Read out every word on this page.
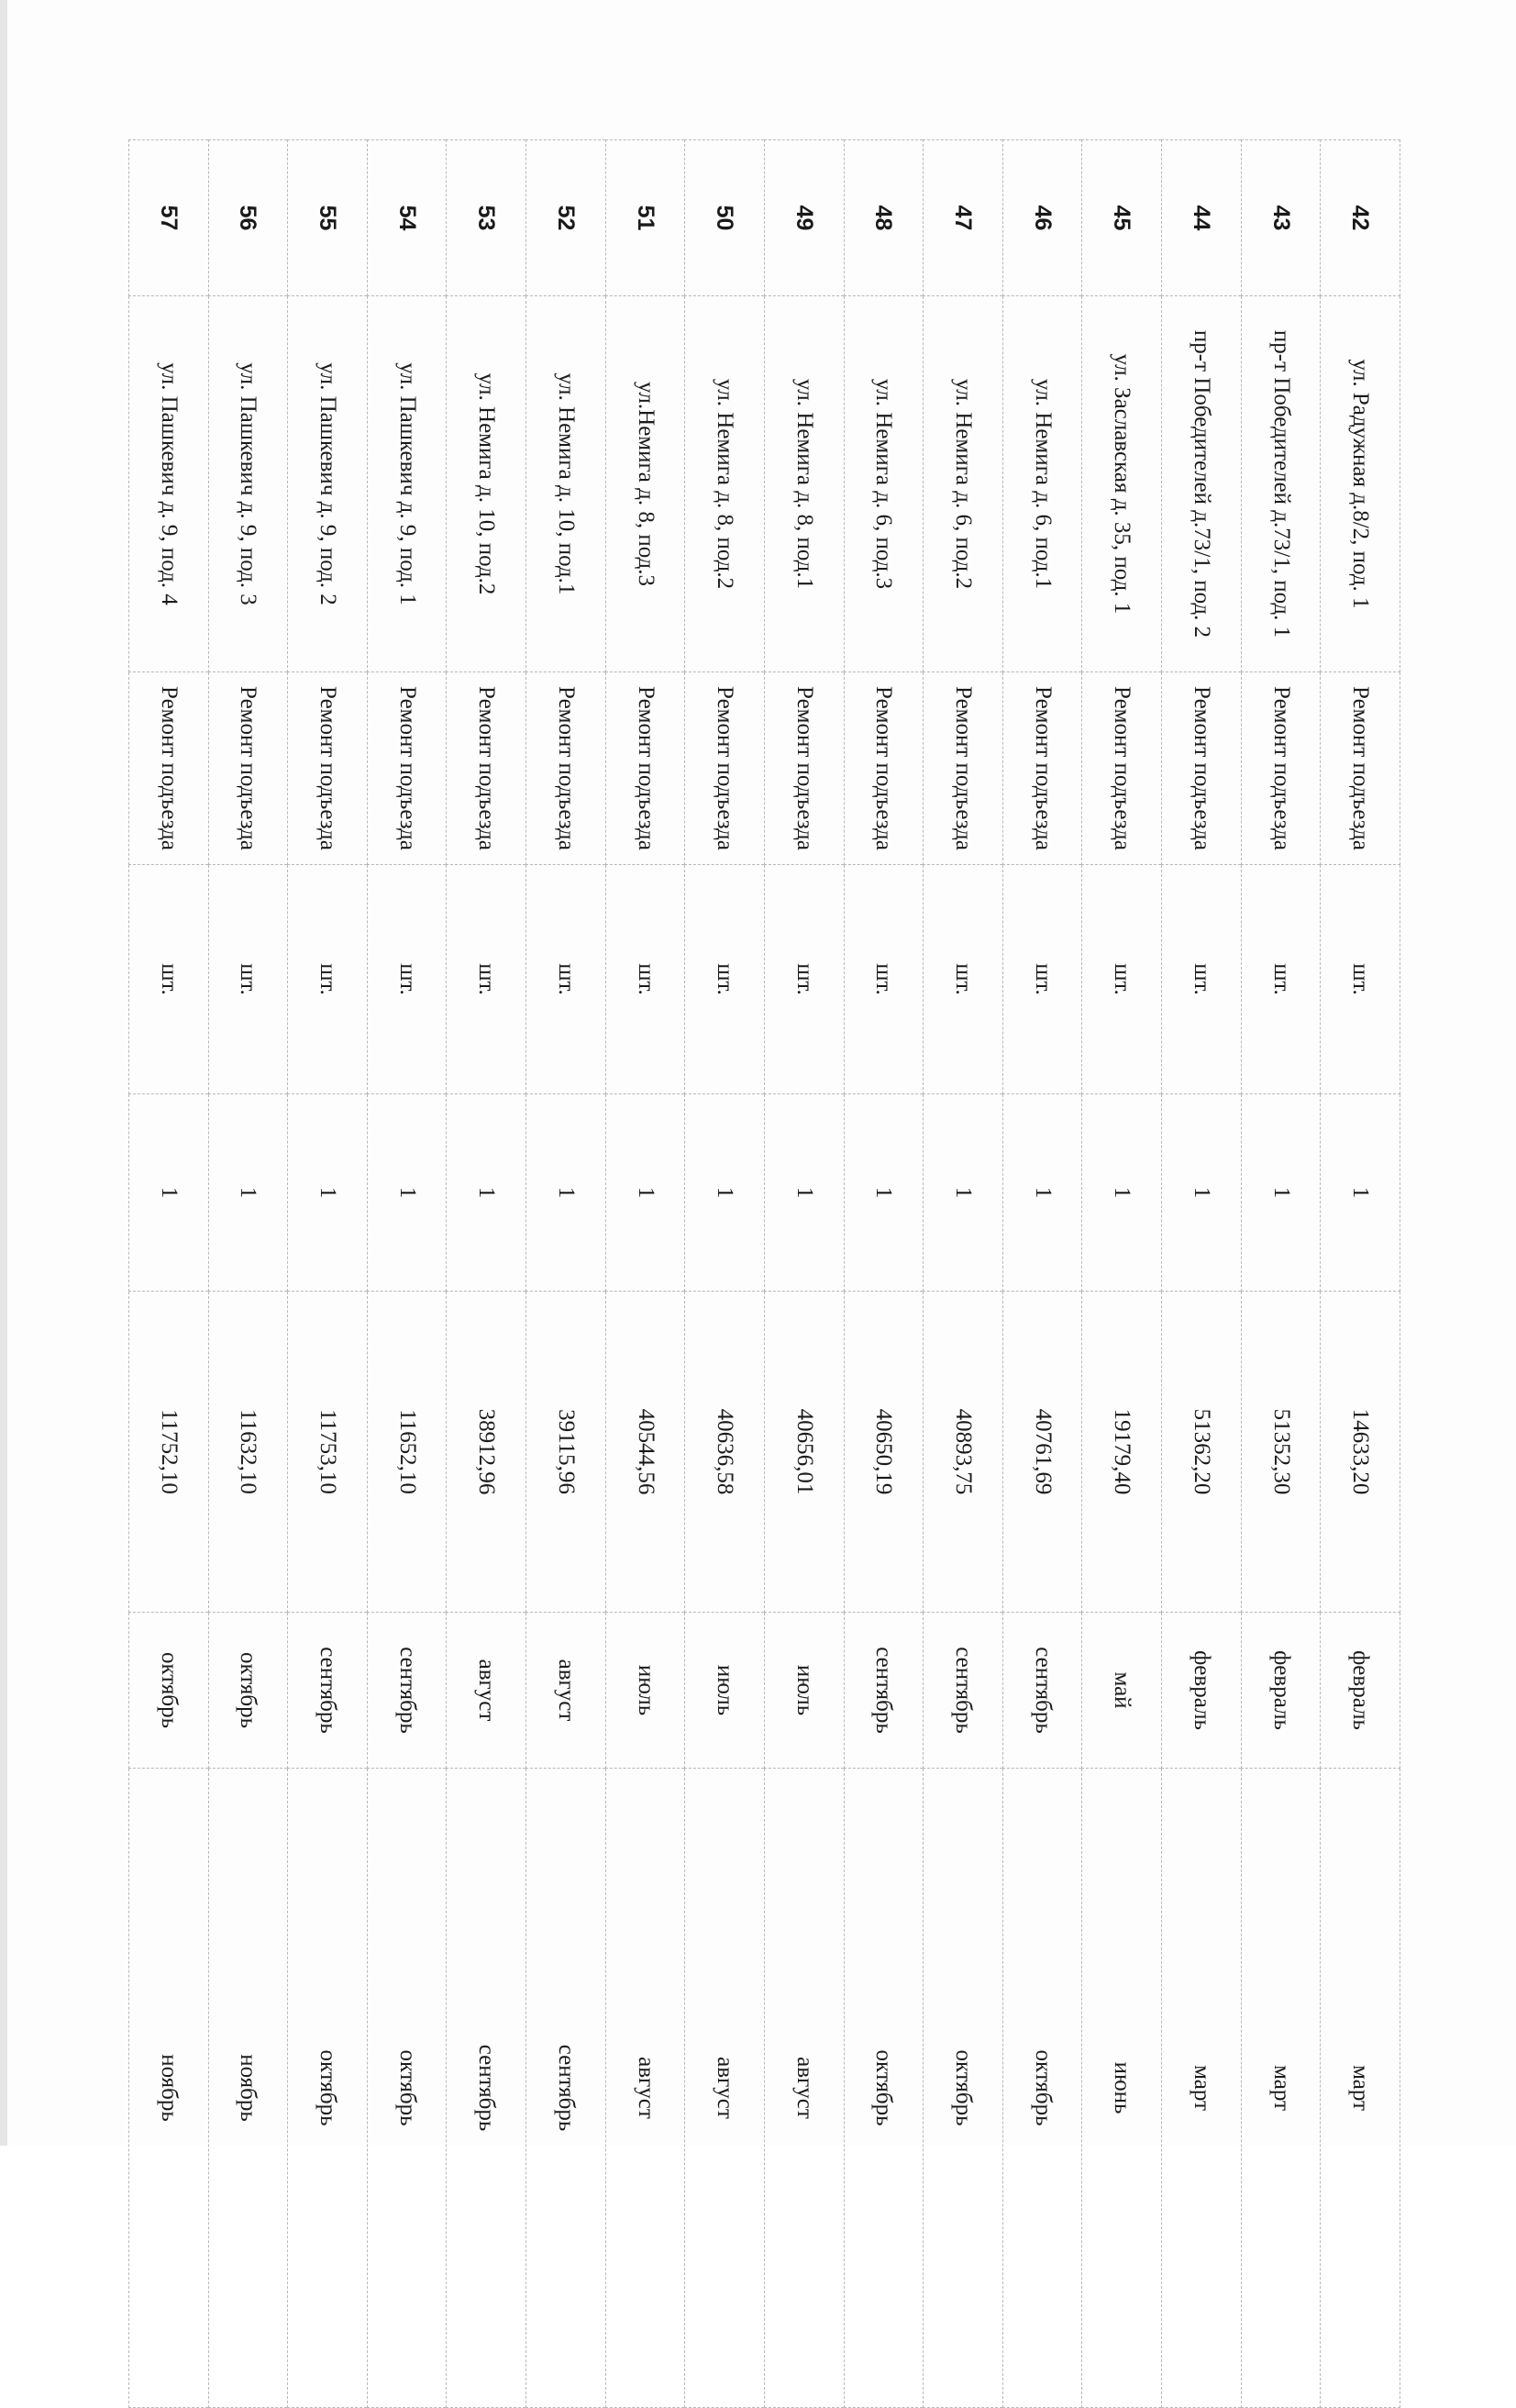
42	ул. Радужная д.8/2, под. 1	Ремонт подъезда	шт.	1	14633,20	февраль	март
43	пр-т Победителей д.73/1, под. 1	Ремонт подъезда	шт.	1	51352,30	февраль	март
44	пр-т Победителей д.73/1, под. 2	Ремонт подъезда	шт.	1	51362,20	февраль	март
45	ул. Заславская д. 35, под. 1	Ремонт подъезда	шт.	1	19179,40	май	июнь
46	ул. Немига д. 6, под.1	Ремонт подъезда	шт.	1	40761,69	сентябрь	октябрь
47	ул. Немига д. 6, под.2	Ремонт подъезда	шт.	1	40893,75	сентябрь	октябрь
48	ул. Немига д. 6, под.3	Ремонт подъезда	шт.	1	40650,19	сентябрь	октябрь
49	ул. Немига д. 8, под.1	Ремонт подъезда	шт.	1	40656,01	июль	август
50	ул. Немига д. 8, под.2	Ремонт подъезда	шт.	1	40636,58	июль	август
51	ул.Немига д. 8, под.3	Ремонт подъезда	шт.	1	40544,56	июль	август
52	ул. Немига д. 10, под.1	Ремонт подъезда	шт.	1	39115,96	август	сентябрь
53	ул. Немига д. 10, под.2	Ремонт подъезда	шт.	1	38912,96	август	сентябрь
54	ул. Пашкевич д. 9, под. 1	Ремонт подъезда	шт.	1	11652,10	сентябрь	октябрь
55	ул. Пашкевич д. 9, под. 2	Ремонт подъезда	шт.	1	11753,10	сентябрь	октябрь
56	ул. Пашкевич д. 9, под. 3	Ремонт подъезда	шт.	1	11632,10	октябрь	ноябрь
57	ул. Пашкевич д. 9, под. 4	Ремонт подъезда	шт.	1	11752,10	октябрь	ноябрь
